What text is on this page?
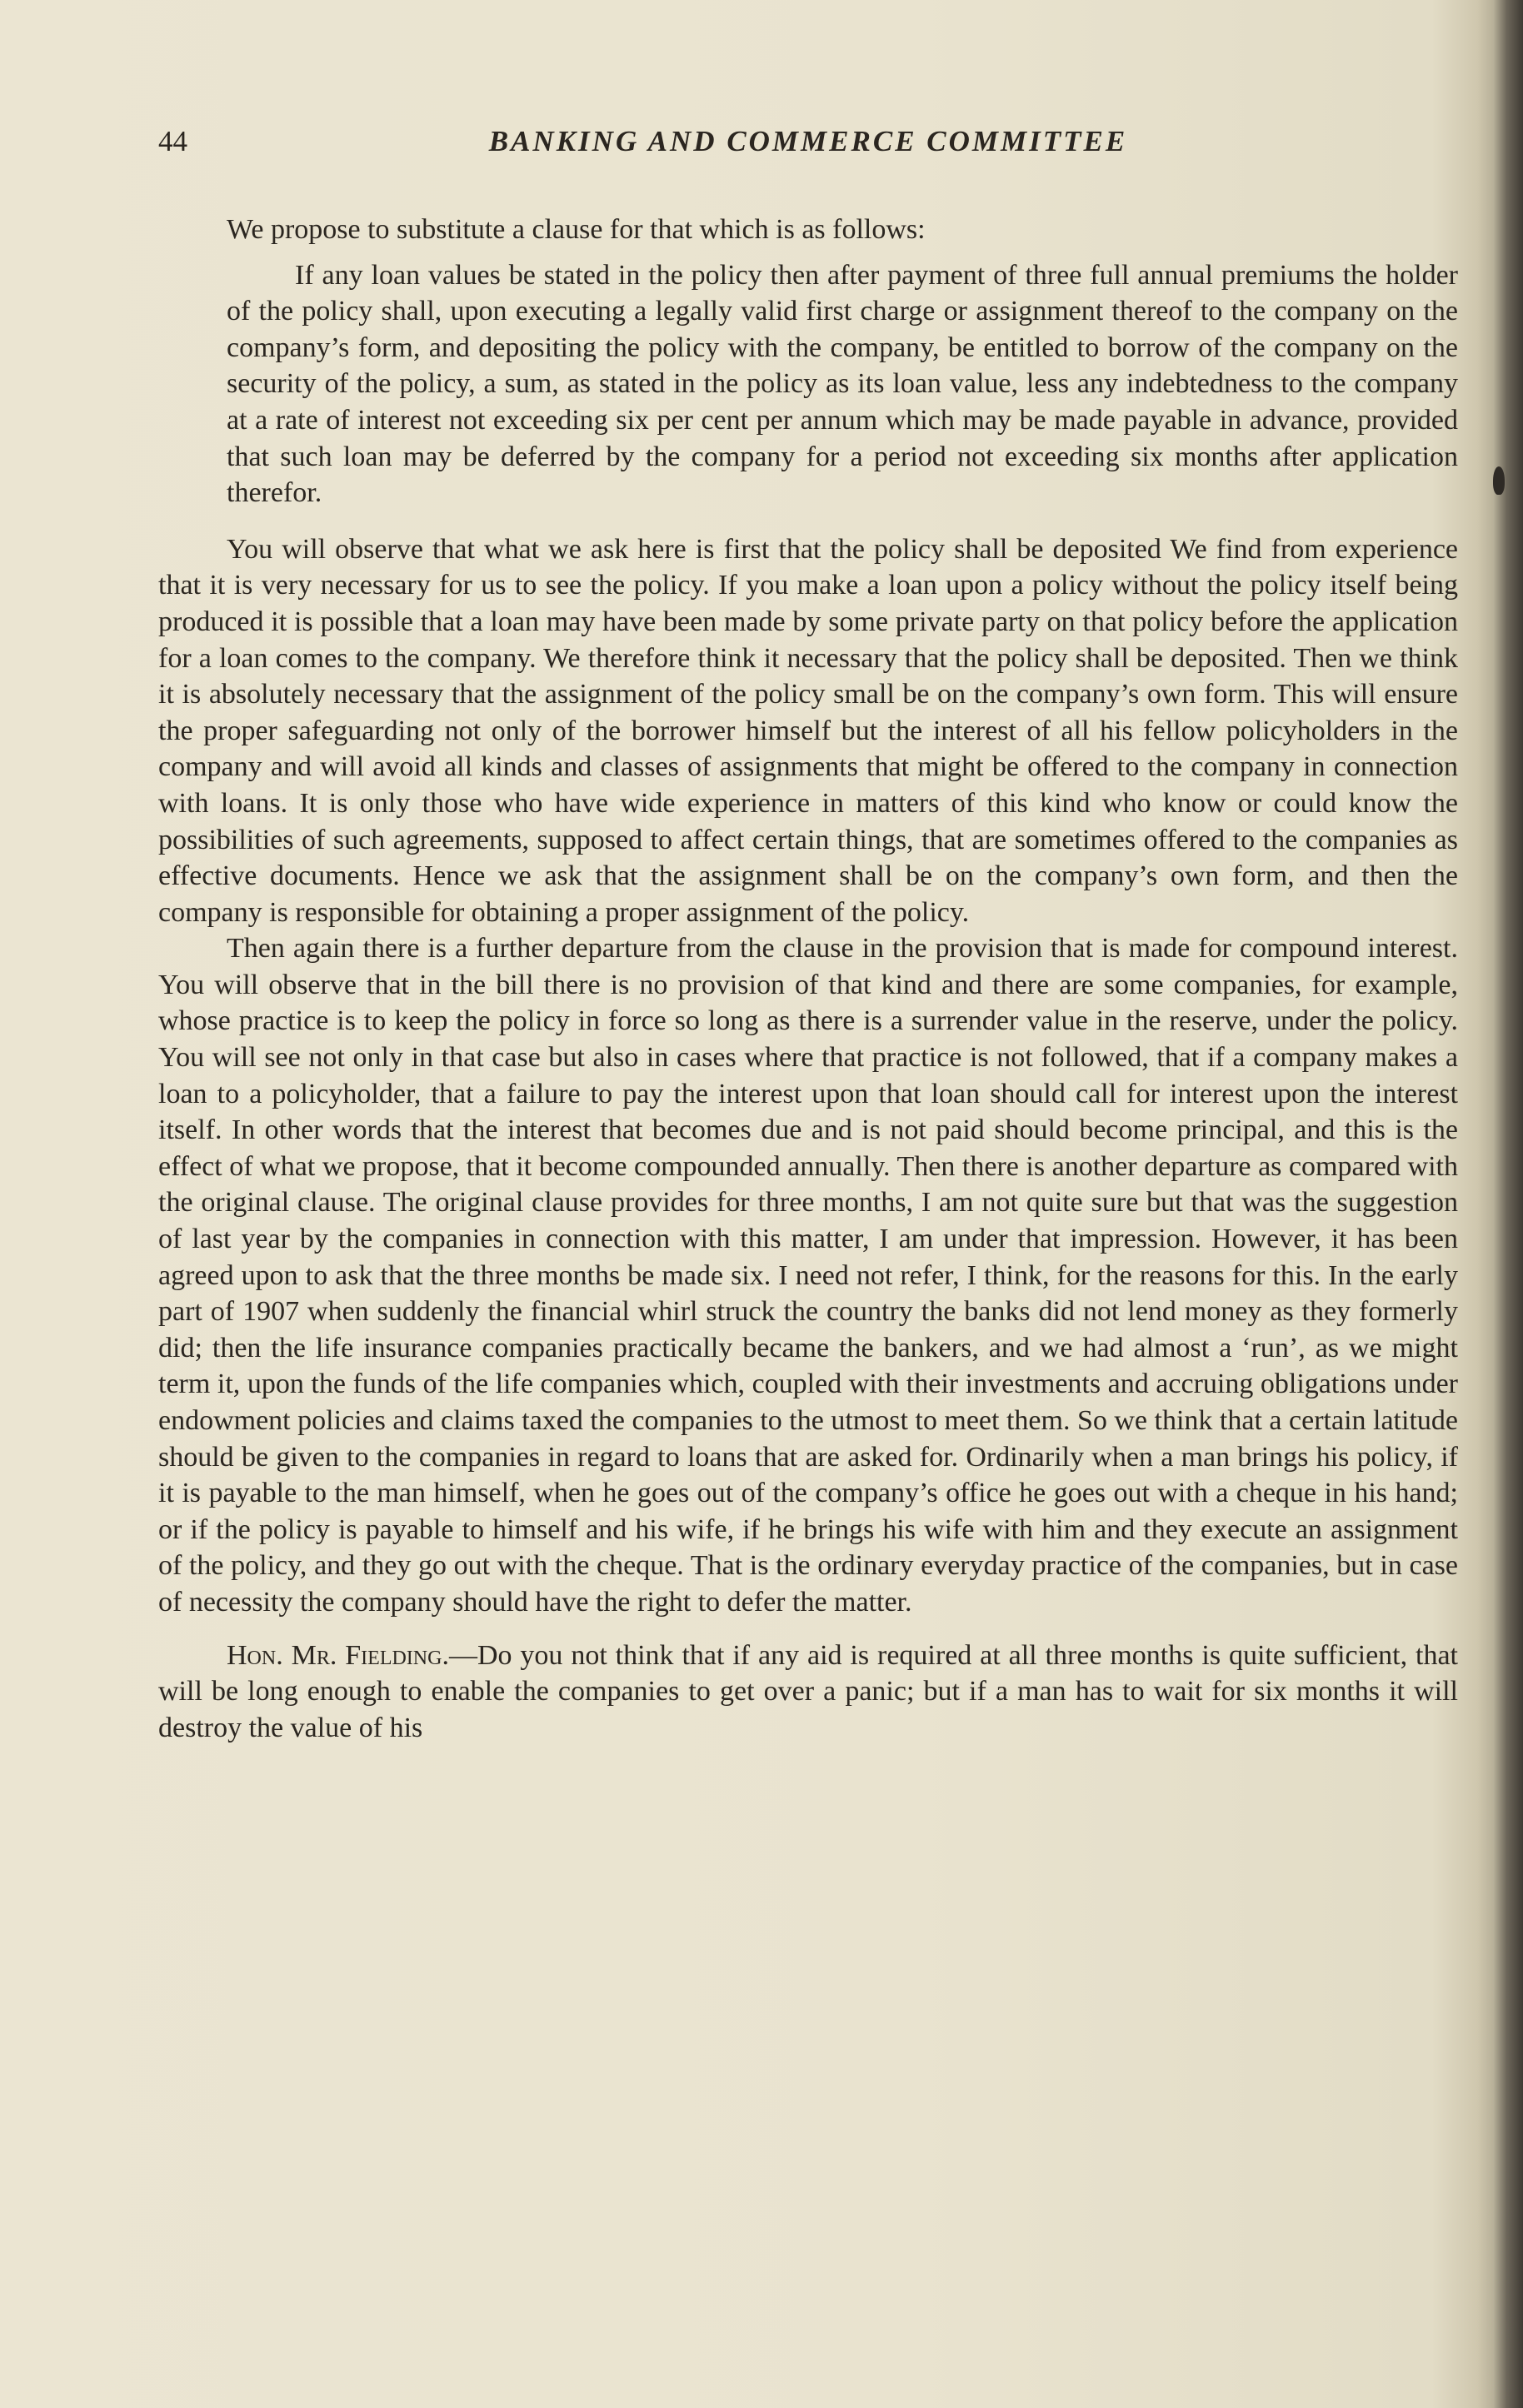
44	BANKING AND COMMERCE COMMITTEE

We propose to substitute a clause for that which is as follows:

If any loan values be stated in the policy then after payment of three full annual premiums the holder of the policy shall, upon executing a legally valid first charge or assignment thereof to the company on the company’s form, and depositing the policy with the company, be entitled to borrow of the company on the security of the policy, a sum, as stated in the policy as its loan value, less any indebtedness to the company at a rate of interest not exceeding six per cent per annum which may be made payable in advance, provided that such loan may be deferred by the company for a period not exceeding six months after application therefor.

You will observe that what we ask here is first that the policy shall be deposited We find from experience that it is very necessary for us to see the policy. If you make a loan upon a policy without the policy itself being produced it is possible that a loan may have been made by some private party on that policy before the application for a loan comes to the company. We therefore think it necessary that the policy shall be deposited. Then we think it is absolutely necessary that the assignment of the policy small be on the company’s own form. This will ensure the proper safeguarding not only of the borrower himself but the interest of all his fellow policyholders in the company and will avoid all kinds and classes of assignments that might be offered to the company in connection with loans. It is only those who have wide experience in matters of this kind who know or could know the possibilities of such agreements, supposed to affect certain things, that are sometimes offered to the companies as effective documents. Hence we ask that the assignment shall be on the company’s own form, and then the company is responsible for obtaining a proper assignment of the policy.

Then again there is a further departure from the clause in the provision that is made for compound interest. You will observe that in the bill there is no provision of that kind and there are some companies, for example, whose practice is to keep the policy in force so long as there is a surrender value in the reserve, under the policy. You will see not only in that case but also in cases where that practice is not followed, that if a company makes a loan to a policyholder, that a failure to pay the interest upon that loan should call for interest upon the interest itself. In other words that the interest that becomes due and is not paid should become principal, and this is the effect of what we propose, that it become compounded annually. Then there is another departure as compared with the original clause. The original clause provides for three months, I am not quite sure but that was the suggestion of last year by the companies in connection with this matter, I am under that impression. However, it has been agreed upon to ask that the three months be made six. I need not refer, I think, for the reasons for this. In the early part of 1907 when suddenly the financial whirl struck the country the banks did not lend money as they formerly did; then the life insurance companies practically became the bankers, and we had almost a ‘run’, as we might term it, upon the funds of the life companies which, coupled with their investments and accruing obligations under endowment policies and claims taxed the companies to the utmost to meet them. So we think that a certain latitude should be given to the companies in regard to loans that are asked for. Ordinarily when a man brings his policy, if it is payable to the man himself, when he goes out of the company’s office he goes out with a cheque in his hand; or if the policy is payable to himself and his wife, if he brings his wife with him and they execute an assignment of the policy, and they go out with the cheque. That is the ordinary everyday practice of the companies, but in case of necessity the company should have the right to defer the matter.

Hon. Mr. Fielding.—Do you not think that if any aid is required at all three months is quite sufficient, that will be long enough to enable the companies to get over a panic; but if a man has to wait for six months it will destroy the value of his
